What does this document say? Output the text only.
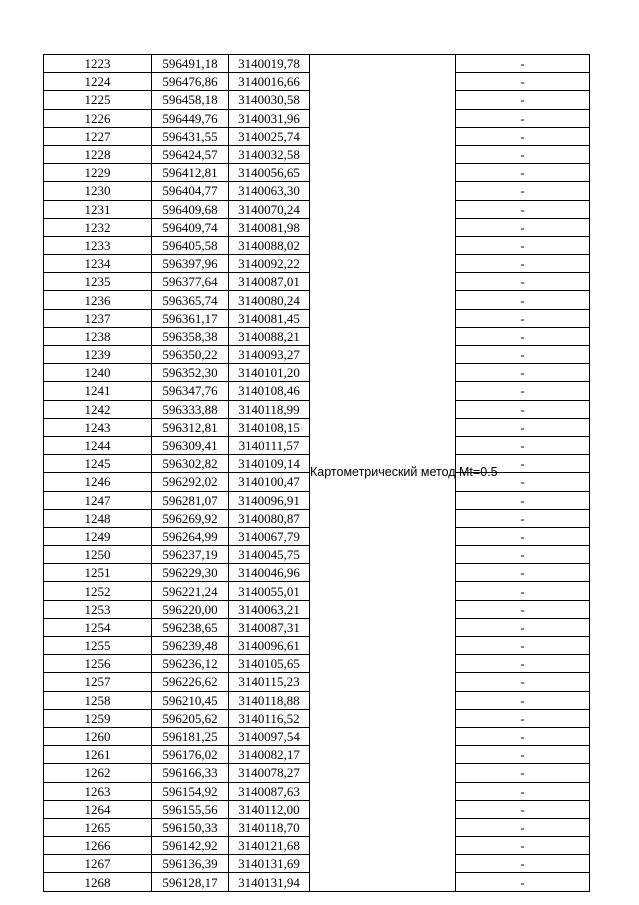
1223	596491,18	3140019,78	Картометрический метод Mt=0.5	-
1224	596476,86	3140016,66		-
1225	596458,18	3140030,58		-
1226	596449,76	3140031,96		-
1227	596431,55	3140025,74		-
1228	596424,57	3140032,58		-
1229	596412,81	3140056,65		-
1230	596404,77	3140063,30		-
1231	596409,68	3140070,24		-
1232	596409,74	3140081,98		-
1233	596405,58	3140088,02		-
1234	596397,96	3140092,22		-
1235	596377,64	3140087,01		-
1236	596365,74	3140080,24		-
1237	596361,17	3140081,45		-
1238	596358,38	3140088,21		-
1239	596350,22	3140093,27		-
1240	596352,30	3140101,20		-
1241	596347,76	3140108,46		-
1242	596333,88	3140118,99		-
1243	596312,81	3140108,15		-
1244	596309,41	3140111,57		-
1245	596302,82	3140109,14		-
1246	596292,02	3140100,47		-
1247	596281,07	3140096,91		-
1248	596269,92	3140080,87		-
1249	596264,99	3140067,79		-
1250	596237,19	3140045,75		-
1251	596229,30	3140046,96		-
1252	596221,24	3140055,01		-
1253	596220,00	3140063,21		-
1254	596238,65	3140087,31		-
1255	596239,48	3140096,61		-
1256	596236,12	3140105,65		-
1257	596226,62	3140115,23		-
1258	596210,45	3140118,88		-
1259	596205,62	3140116,52		-
1260	596181,25	3140097,54		-
1261	596176,02	3140082,17		-
1262	596166,33	3140078,27		-
1263	596154,92	3140087,63		-
1264	596155,56	3140112,00		-
1265	596150,33	3140118,70		-
1266	596142,92	3140121,68		-
1267	596136,39	3140131,69		-
1268	596128,17	3140131,94		-
